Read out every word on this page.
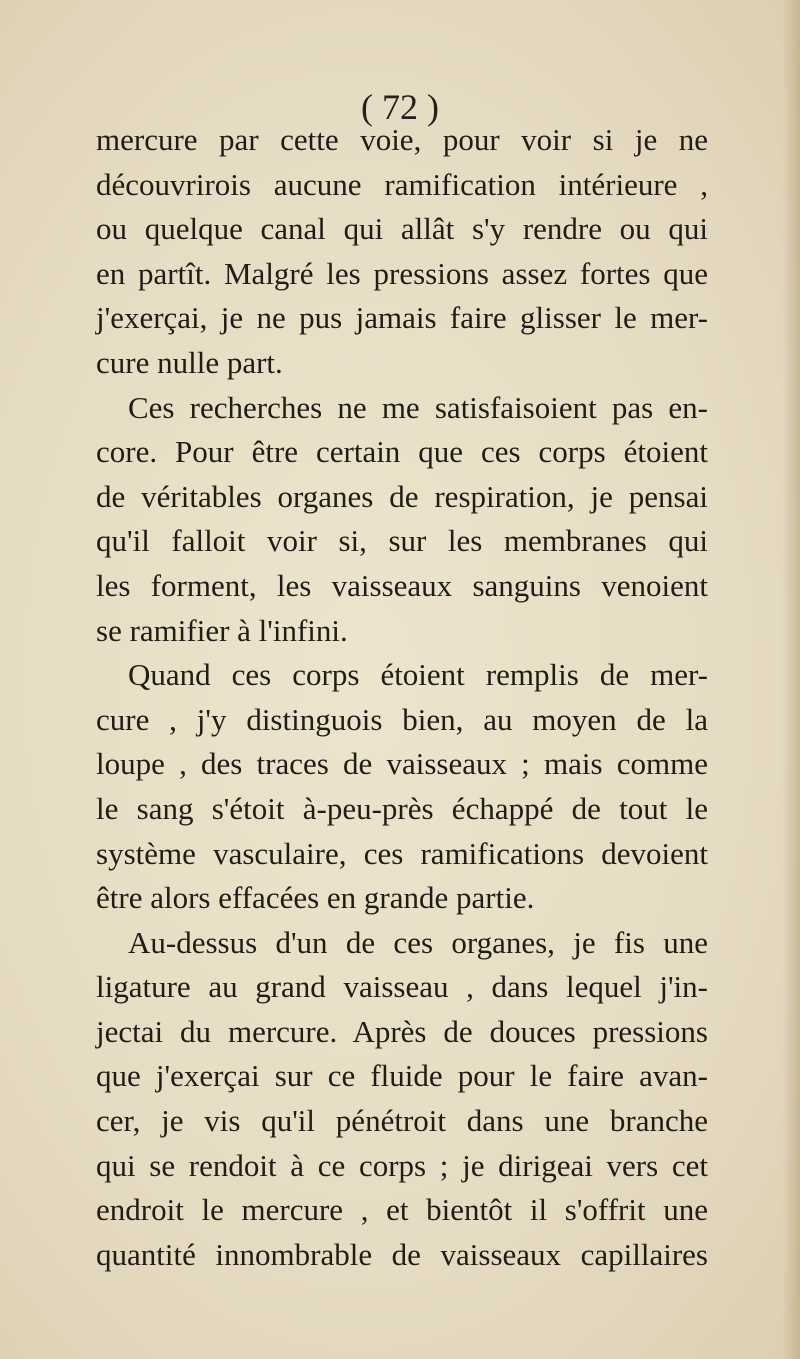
( 72 )

mercure par cette voie, pour voir si je ne
découvrirois aucune ramification intérieure ,
ou quelque canal qui allât s'y rendre ou qui
en partît. Malgré les pressions assez fortes que
j'exerçai, je ne pus jamais faire glisser le mer-
cure nulle part.
Ces recherches ne me satisfaisoient pas en-
core. Pour être certain que ces corps étoient
de véritables organes de respiration, je pensai
qu'il falloit voir si, sur les membranes qui
les forment, les vaisseaux sanguins venoient
se ramifier à l'infini.
Quand ces corps étoient remplis de mer-
cure , j'y distinguois bien, au moyen de la
loupe , des traces de vaisseaux ; mais comme
le sang s'étoit à-peu-près échappé de tout le
système vasculaire, ces ramifications devoient
être alors effacées en grande partie.
Au-dessus d'un de ces organes, je fis une
ligature au grand vaisseau , dans lequel j'in-
jectai du mercure. Après de douces pressions
que j'exerçai sur ce fluide pour le faire avan-
cer, je vis qu'il pénétroit dans une branche
qui se rendoit à ce corps ; je dirigeai vers cet
endroit le mercure , et bientôt il s'offrit une
quantité innombrable de vaisseaux capillaires
